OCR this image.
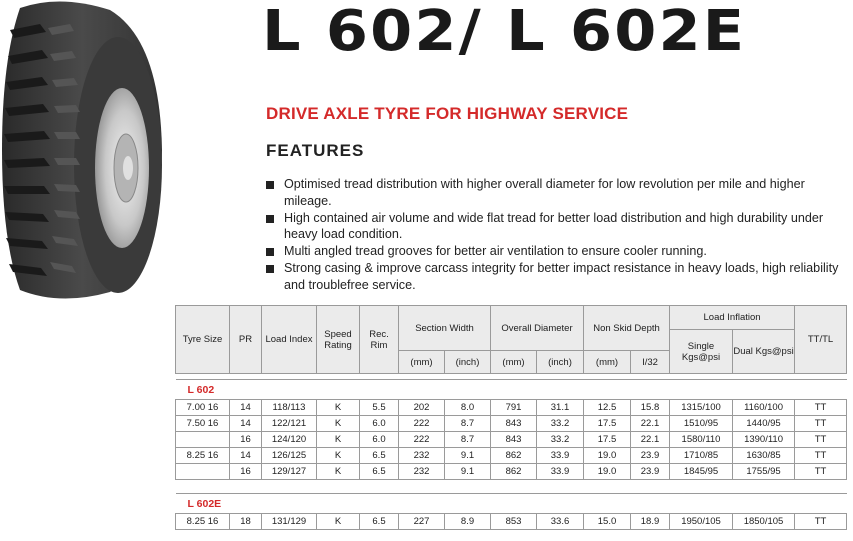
L 602/ L 602E
DRIVE AXLE TYRE FOR HIGHWAY SERVICE
FEATURES
Optimised tread distribution with higher overall diameter for low revolution per mile and higher mileage.
High contained air volume and wide flat tread for better load distribution and high durability under heavy load condition.
Multi angled tread grooves for better air ventilation to ensure cooler running.
Strong casing & improve carcass integrity for better impact resistance in heavy loads, high reliability and troublefree service.
Tyre Size	PR	Load Index	Speed Rating	Rec. Rim	Section Width		Overall Diameter		Non Skid Depth		Load Inflation		TT/TL
											Single Kgs@psi	Dual Kgs@psi	
					(mm)	(inch)	(mm)	(inch)	(mm)	I/32			

L 602													
7.00 16	14	118/113	K	5.5	202	8.0	791	31.1	12.5	15.8	1315/100	1160/100	TT
7.50 16	14	122/121	K	6.0	222	8.7	843	33.2	17.5	22.1	1510/95	1440/95	TT
	16	124/120	K	6.0	222	8.7	843	33.2	17.5	22.1	1580/110	1390/110	TT
8.25 16	14	126/125	K	6.5	232	9.1	862	33.9	19.0	23.9	1710/85	1630/85	TT
	16	129/127	K	6.5	232	9.1	862	33.9	19.0	23.9	1845/95	1755/95	TT

L 602E													
8.25 16	18	131/129	K	6.5	227	8.9	853	33.6	15.0	18.9	1950/105	1850/105	TT
